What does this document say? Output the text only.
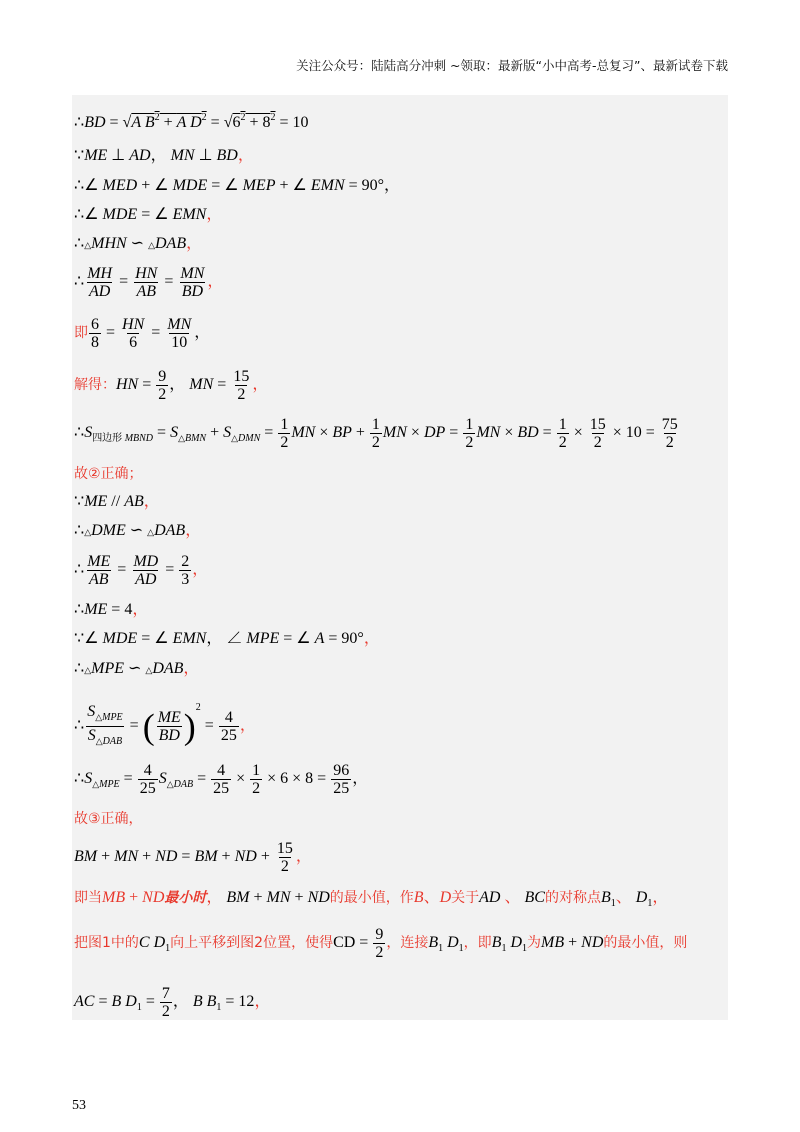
关注公众号：陆陆高分冲刺 ~领取：最新版“小中高考-总复习”、最新试卷下载
∴BD = √A $B^2 + A$ $D^2 = √6^2 + 8^2 = 10$
∵ME ⊥ AD， MN ⊥ BD，
∴∠ MED + ∠ MDE = ∠ MEP + ∠ EMN = 90°，
∴∠ MDE = ∠ EMN，
∴△MHN ∽ △DAB，
∴ $\frac{MH}{AD} = \frac{HN}{AB} = \frac{MN}{BD}$ ，
即 $\frac{6}{8} = \frac{HN}{6} = \frac{MN}{10}$ ，
解得：HN = $\frac{9}{2}$ ， MN = $\frac{15}{2}$ ，
$\therefore S_{四边形 MBND} = S_{\triangle BMN} + S_{\triangle DMN} = \frac{1}{2}$ MN × BP + $\frac{1}{2}$ MN × DP = $\frac{1}{2}$ MN × BD = $\frac{1}{2} \times \frac{15}{2} \times 10 = \frac{75}{2}$
故②正确；
∵ME // AB，
∴△DME ∽ △DAB，
∴ $\frac{ME}{AB} = \frac{MD}{AD} = \frac{2}{3}$ ，
∴ME = 4，
∵∠ MDE = ∠ EMN， ∠ MPE = ∠ A = 90°，
∴△MPE ∽ △DAB，
∴ $\frac{S_{\triangle MPE}}{S_{\triangle DAB}}$ = ( $\frac{ME}{BD} )^2 = \frac{4}{25}$ ，
$\therefore S_{\triangle MPE} = \frac{4}{25} S_{\triangle DAB} = \frac{4}{25} \times \frac{1}{2} \times 6 \times 8 = \frac{96}{25}$ ，
故③正确，
BM + MN + ND = BM + ND + $\frac{15}{2}$ ，
即当MB + ND最小时， BM + MN + ND的最小值，作B、D关于AD 、 BC的对称点$B_1$、 $D_1$，
把图1中的C $D_1$向上平移到图2位置，使得CD = $\frac{9}{2}$ ，连接$B_1$ $D_1$，即$B_1$ $D_1$为MB + ND的最小值，则
AC = B $D_1 = \frac{7}{2}$ ， B $B_1 = 12$，
53
